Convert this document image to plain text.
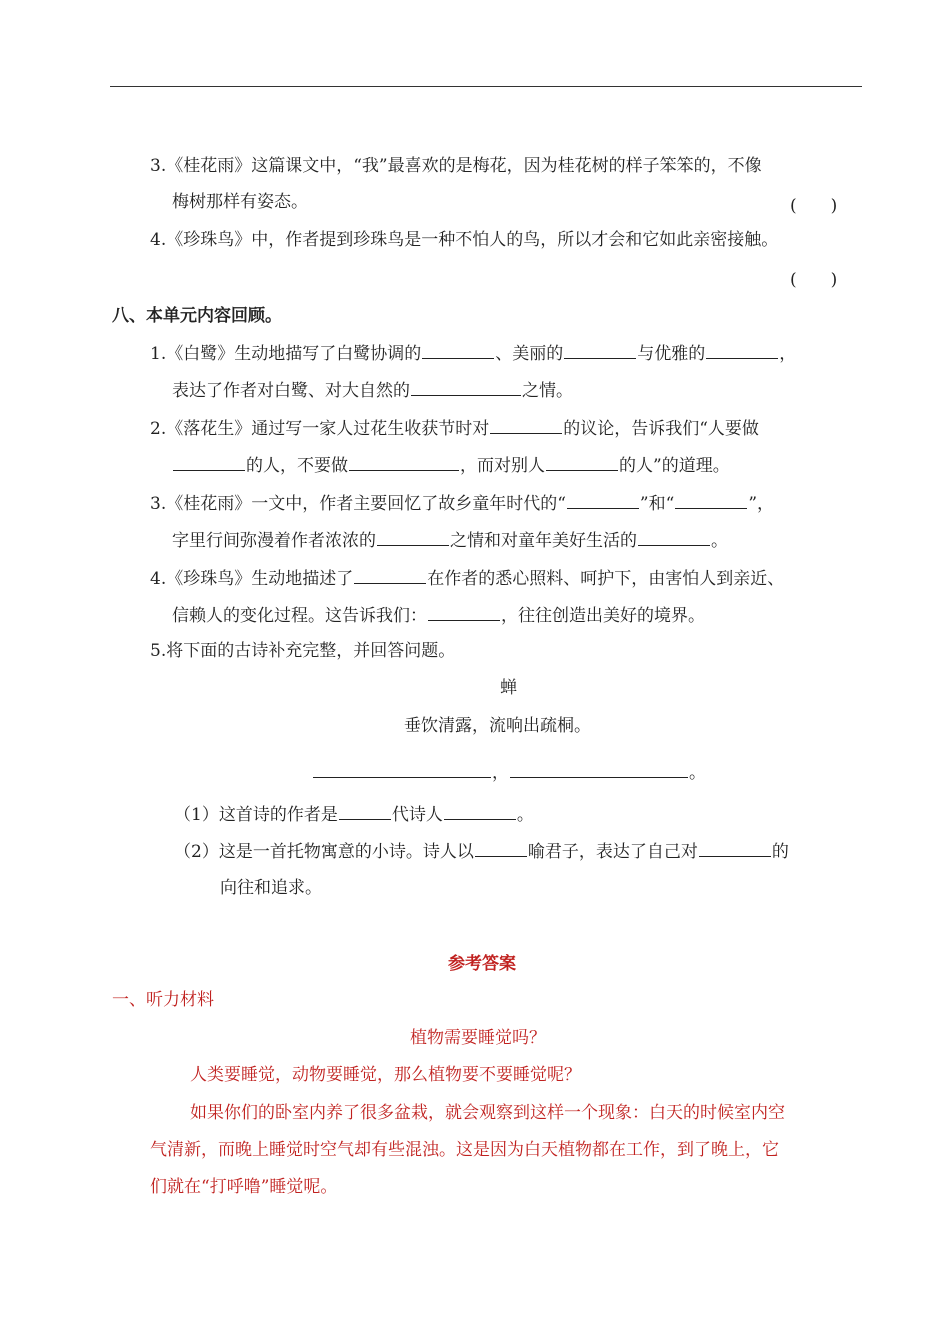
3.《桂花雨》这篇课文中，“我”最喜欢的是梅花，因为桂花树的样子笨笨的，不像
梅树那样有姿态。	(　　)
4.《珍珠鸟》中，作者提到珍珠鸟是一种不怕人的鸟，所以才会和它如此亲密接触。
(　　)
八、本单元内容回顾。
1.《白鹭》生动地描写了白鹭协调的	、美丽的	与优雅的	，
表达了作者对白鹭、对大自然的	之情。
2.《落花生》通过写一家人过花生收获节时对	的议论，告诉我们“人要做
的人，不要做	，而对别人	的人”的道理。
3.《桂花雨》一文中，作者主要回忆了故乡童年时代的“	”和“	”，
字里行间弥漫着作者浓浓的	之情和对童年美好生活的	。
4.《珍珠鸟》生动地描述了	在作者的悉心照料、呵护下，由害怕人到亲近、
信赖人的变化过程。这告诉我们：	，往往创造出美好的境界。
5.将下面的古诗补充完整，并回答问题。
蝉
垂饮清露，流响出疏桐。
，	。
（1）这首诗的作者是	代诗人	。
（2）这是一首托物寓意的小诗。诗人以	喻君子，表达了自己对	的
向往和追求。
参考答案
一、听力材料
植物需要睡觉吗？
人类要睡觉，动物要睡觉，那么植物要不要睡觉呢？
如果你们的卧室内养了很多盆栽，就会观察到这样一个现象：白天的时候室内空
气清新，而晚上睡觉时空气却有些混浊。这是因为白天植物都在工作，到了晚上，它
们就在“打呼噜”睡觉呢。
